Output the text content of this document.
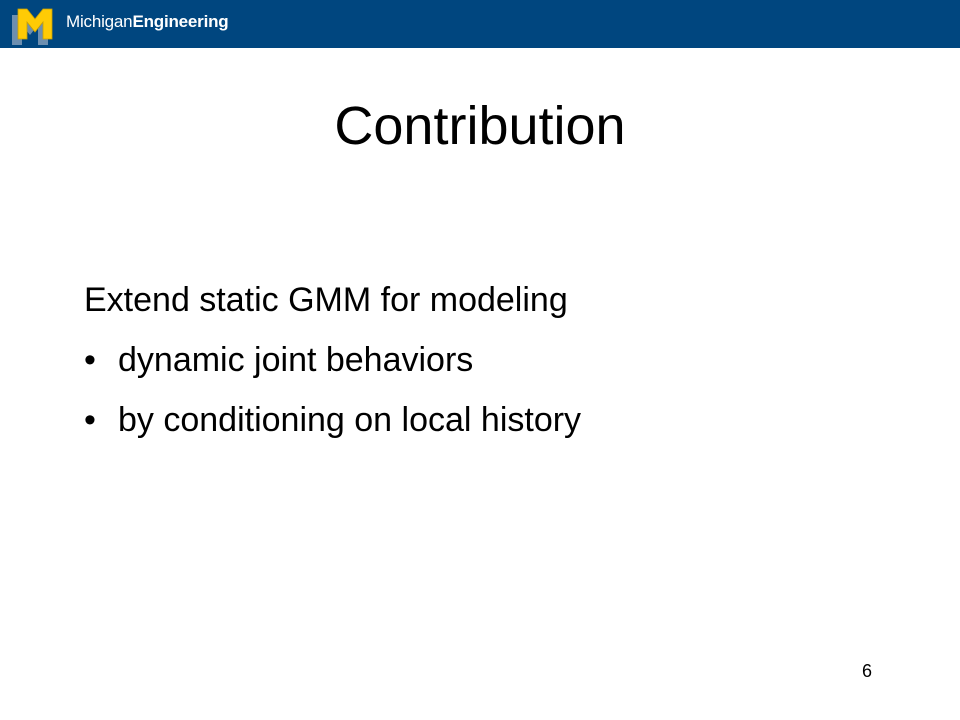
MichiganEngineering
Contribution

Extend static GMM for modeling

• dynamic joint behaviors
• by conditioning on local history
6
